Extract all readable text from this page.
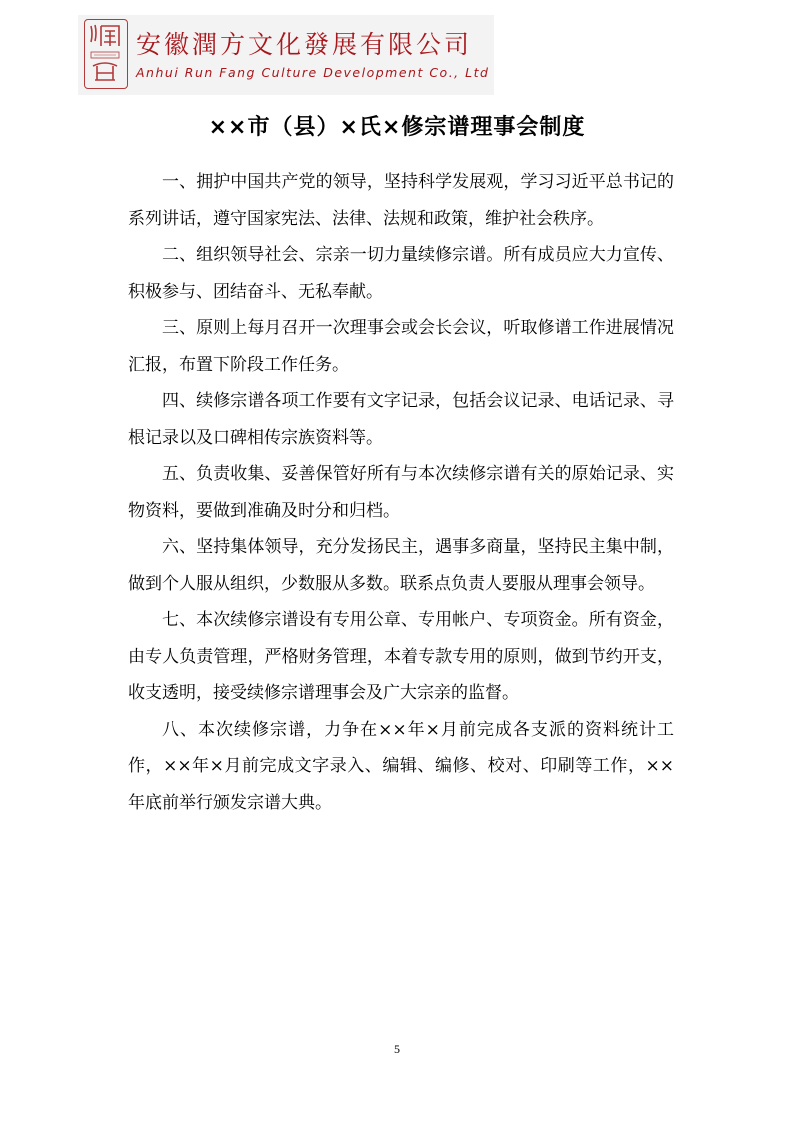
安徽潤方文化發展有限公司
Anhui Run Fang Culture Development Co., Ltd
××市（县）×氏×修宗谱理事会制度

一、拥护中国共产党的领导，坚持科学发展观，学习习近平总书记的系列讲话，遵守国家宪法、法律、法规和政策，维护社会秩序。

二、组织领导社会、宗亲一切力量续修宗谱。所有成员应大力宣传、积极参与、团结奋斗、无私奉献。

三、原则上每月召开一次理事会或会长会议，听取修谱工作进展情况汇报，布置下阶段工作任务。

四、续修宗谱各项工作要有文字记录，包括会议记录、电话记录、寻根记录以及口碑相传宗族资料等。

五、负责收集、妥善保管好所有与本次续修宗谱有关的原始记录、实物资料，要做到准确及时分和归档。

六、坚持集体领导，充分发扬民主，遇事多商量，坚持民主集中制，做到个人服从组织，少数服从多数。联系点负责人要服从理事会领导。

七、本次续修宗谱设有专用公章、专用帐户、专项资金。所有资金，由专人负责管理，严格财务管理，本着专款专用的原则，做到节约开支，收支透明，接受续修宗谱理事会及广大宗亲的监督。

八、本次续修宗谱，力争在××年×月前完成各支派的资料统计工作，××年×月前完成文字录入、编辑、编修、校对、印刷等工作，××年底前举行颁发宗谱大典。

5
